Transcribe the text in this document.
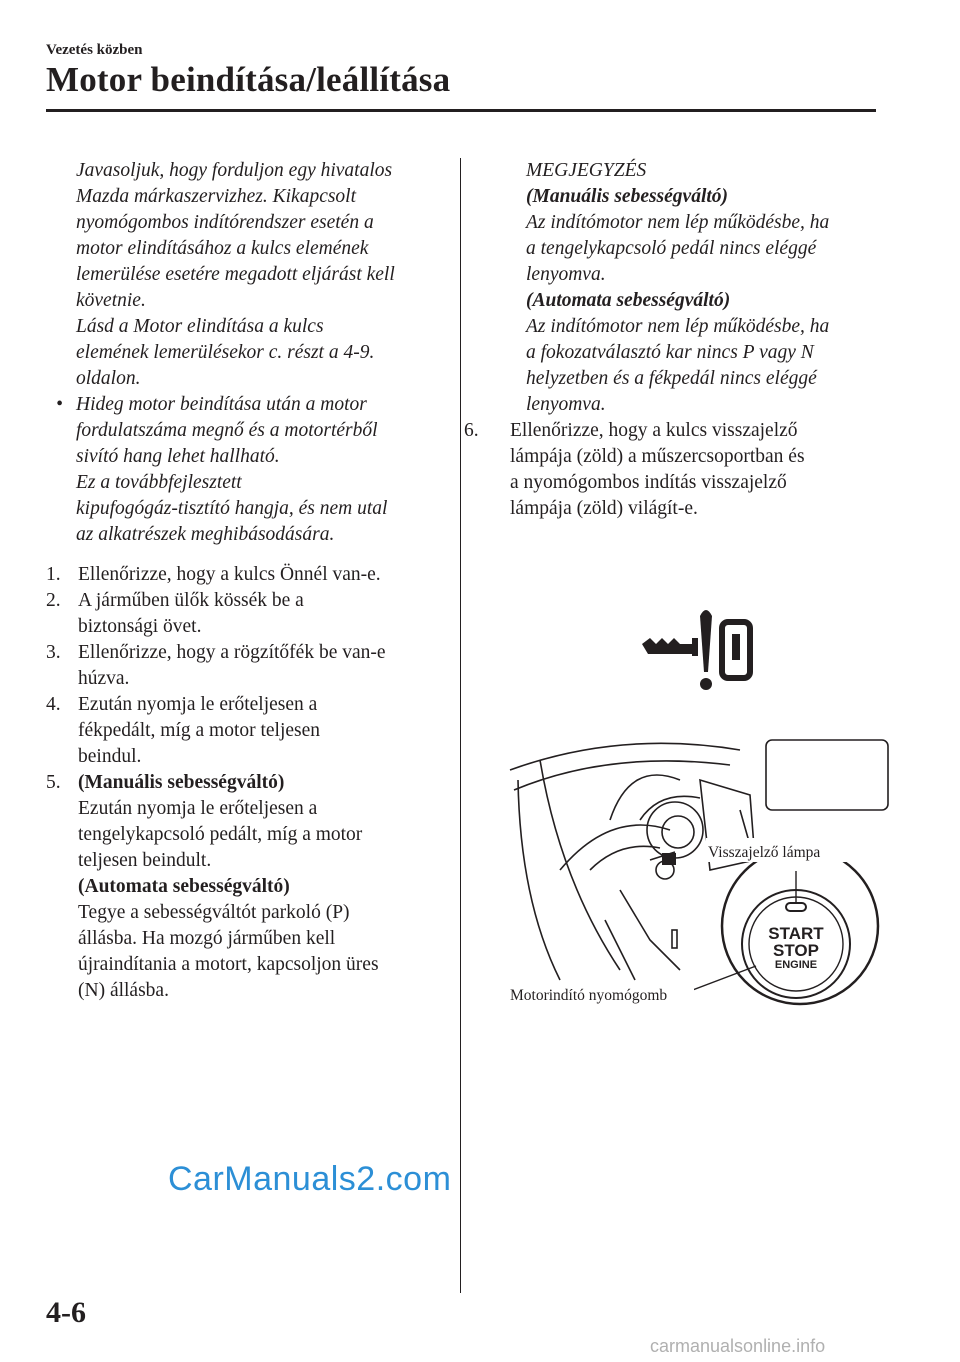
Vezetés közben
Motor beindítása/leállítása
Javasoljuk, hogy forduljon egy hivatalos
Mazda márkaszervizhez. Kikapcsolt
nyomógombos indítórendszer esetén a
motor elindításához a kulcs elemének
lemerülése esetére megadott eljárást kell
követnie.
Lásd a Motor elindítása a kulcs
elemének lemerülésekor c. részt a 4-9.
oldalon.
• Hideg motor beindítása után a motor
fordulatszáma megnő és a motortérből
sivító hang lehet hallható.
Ez a továbbfejlesztett
kipufogógáz-tisztító hangja, és nem utal
az alkatrészek meghibásodására.
1. Ellenőrizze, hogy a kulcs Önnél van-e.
2. A járműben ülők kössék be a
biztonsági övet.
3. Ellenőrizze, hogy a rögzítőfék be van-e
húzva.
4. Ezután nyomja le erőteljesen a
fékpedált, míg a motor teljesen
beindul.
5. (Manuális sebességváltó)
Ezután nyomja le erőteljesen a
tengelykapcsoló pedált, míg a motor
teljesen beindult.
(Automata sebességváltó)
Tegye a sebességváltót parkoló (P)
állásba. Ha mozgó járműben kell
újraindítania a motort, kapcsoljon üres
(N) állásba.
MEGJEGYZÉS
(Manuális sebességváltó)
Az indítómotor nem lép működésbe, ha
a tengelykapcsoló pedál nincs eléggé
lenyomva.
(Automata sebességváltó)
Az indítómotor nem lép működésbe, ha
a fokozatválasztó kar nincs P vagy N
helyzetben és a fékpedál nincs eléggé
lenyomva.
6. Ellenőrizze, hogy a kulcs visszajelző
lámpája (zöld) a műszercsoportban és
a nyomógombos indítás visszajelző
lámpája (zöld) világít-e.
START
STOP
ENGINE
Visszajelző lámpa
Motorindító nyomógomb
CarManuals2.com
4-6
carmanualsonline.info
